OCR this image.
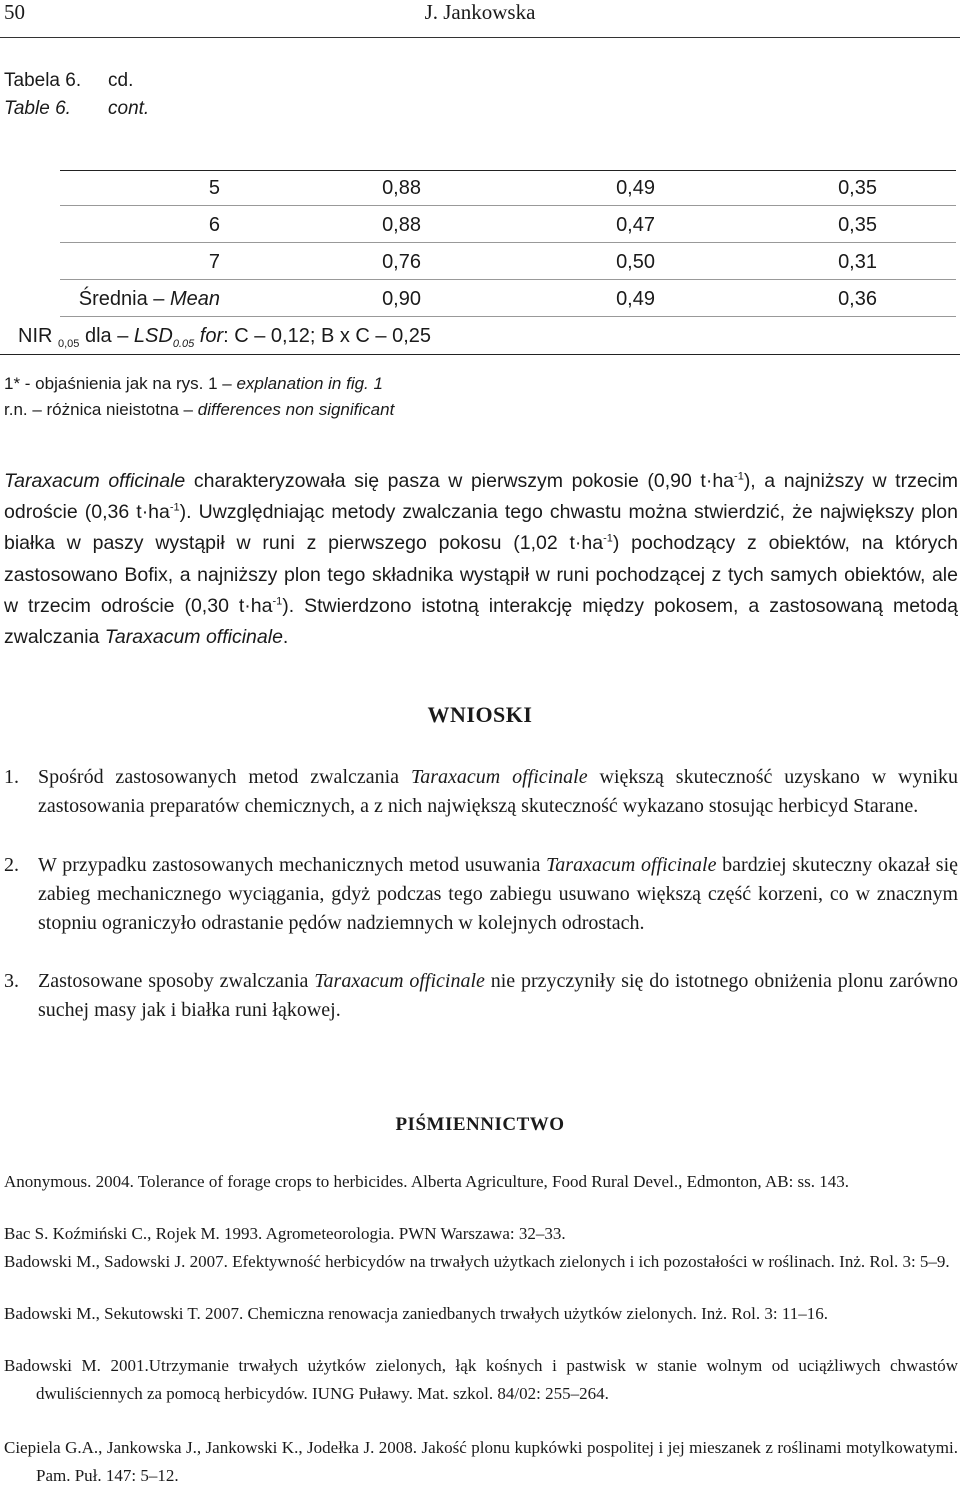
50	J. Jankowska
Tabela 6. cd.
Table 6. cont.
5	0,88	0,49	0,35
6	0,88	0,47	0,35
7	0,76	0,50	0,31
Średnia – Mean	0,90	0,49	0,36
NIR $_{0,05}$ dla – $LSD_{0.05}$ for: C – 0,12; B x C – 0,25
1* - objaśnienia jak na rys. 1 – explanation in fig. 1
r.n. – różnica nieistotna – differences non significant
Taraxacum officinale charakteryzowała się pasza w pierwszym pokosie (0,90 $t\cdot ha^{-1}$), a najniższy w trzecim odroście (0,36 $t\cdot ha^{-1}$). Uwzględniając metody zwalczania tego chwastu można stwierdzić, że największy plon białka w paszy wystąpił w runi z pierwszego pokosu (1,02 $t\cdot ha^{-1}$) pochodzący z obiektów, na których zastosowano Bofix, a najniższy plon tego składnika wystąpił w runi pochodzącej z tych samych obiektów, ale w trzecim odroście (0,30 $t\cdot ha^{-1}$). Stwierdzono istotną interakcję między pokosem, a zastosowaną metodą zwalczania Taraxacum officinale.
WNIOSKI
1. Spośród zastosowanych metod zwalczania Taraxacum officinale większą skuteczność uzyskano w wyniku zastosowania preparatów chemicznych, a z nich największą skuteczność wykazano stosując herbicyd Starane.
2. W przypadku zastosowanych mechanicznych metod usuwania Taraxacum officinale bardziej skuteczny okazał się zabieg mechanicznego wyciągania, gdyż podczas tego zabiegu usuwano większą część korzeni, co w znacznym stopniu ograniczyło odrastanie pędów nadziemnych w kolejnych odrostach.
3. Zastosowane sposoby zwalczania Taraxacum officinale nie przyczyniły się do istotnego obniżenia plonu zarówno suchej masy jak i białka runi łąkowej.
PIŚMIENNICTWO
Anonymous. 2004. Tolerance of forage crops to herbicides. Alberta Agriculture, Food Rural Devel., Edmonton, AB: ss. 143.
Bac S. Koźmiński C., Rojek M. 1993. Agrometeorologia. PWN Warszawa: 32–33.
Badowski M., Sadowski J. 2007. Efektywność herbicydów na trwałych użytkach zielonych i ich pozostałości w roślinach. Inż. Rol. 3: 5–9.
Badowski M., Sekutowski T. 2007. Chemiczna renowacja zaniedbanych trwałych użytków zielonych. Inż. Rol. 3: 11–16.
Badowski M. 2001.Utrzymanie trwałych użytków zielonych, łąk kośnych i pastwisk w stanie wolnym od uciążliwych chwastów dwuliściennych za pomocą herbicydów. IUNG Puławy. Mat. szkol. 84/02: 255–264.
Ciepiela G.A., Jankowska J., Jankowski K., Jodełka J. 2008. Jakość plonu kupkówki pospolitej i jej mieszanek z roślinami motylkowatymi. Pam. Puł. 147: 5–12.
